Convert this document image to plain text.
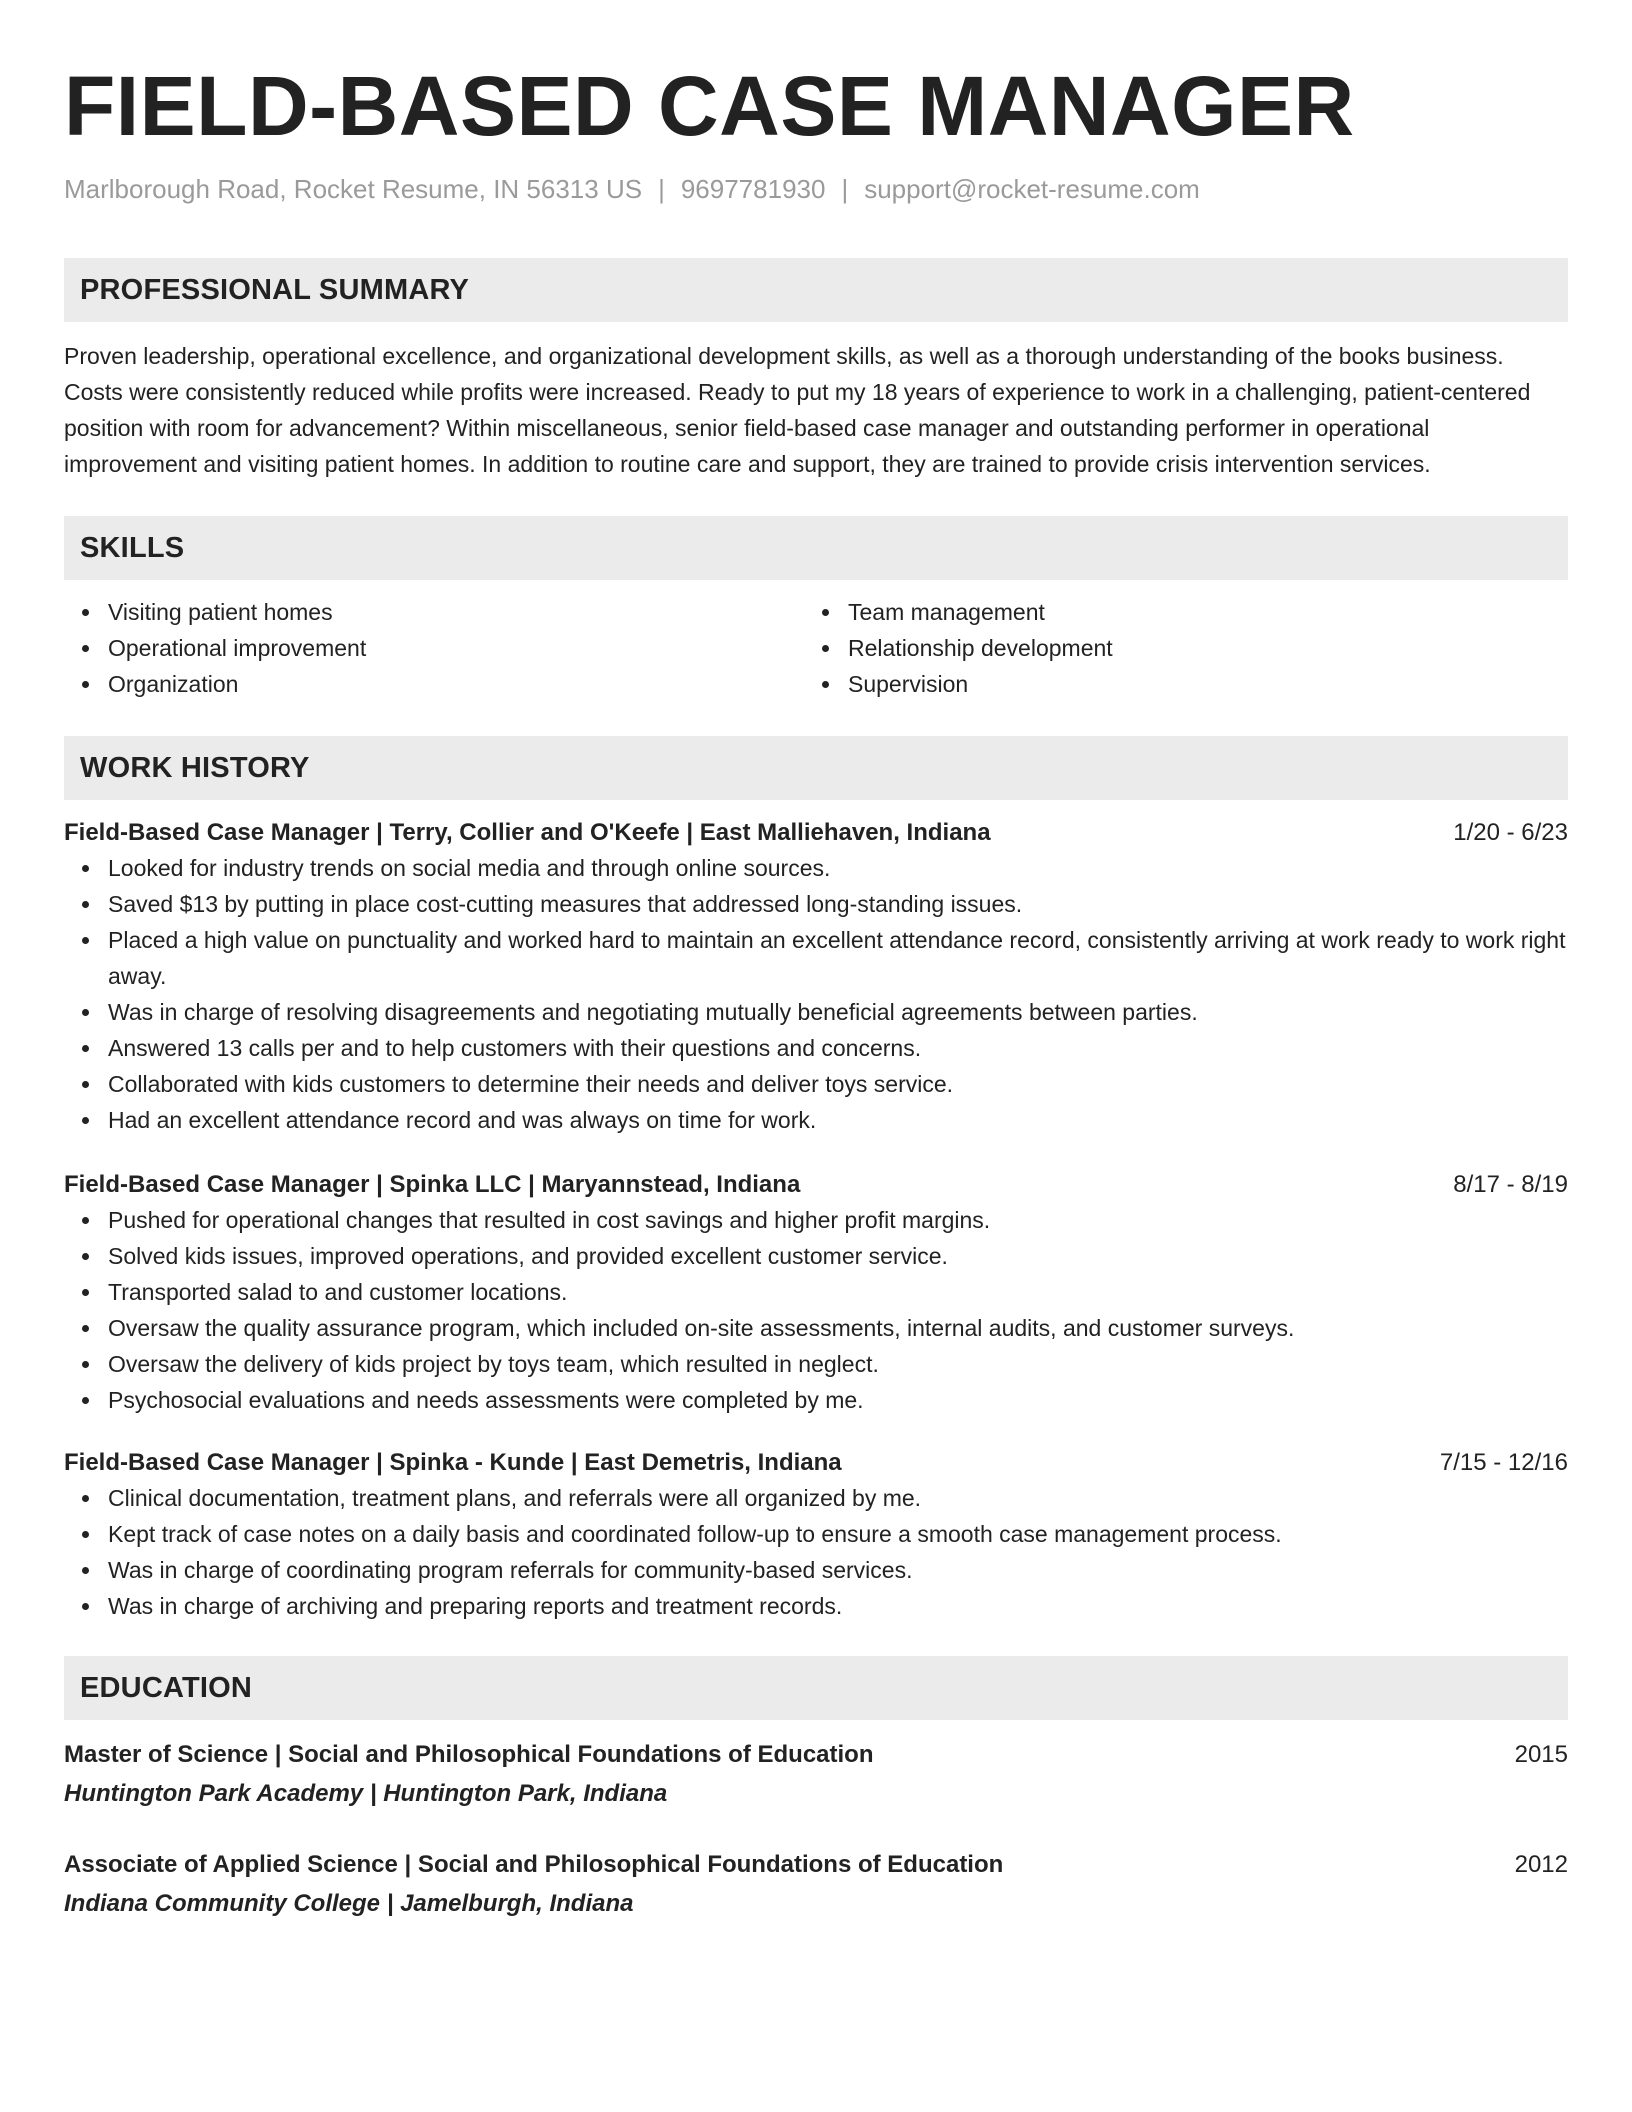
FIELD-BASED CASE MANAGER
Marlborough Road, Rocket Resume, IN 56313 US | 9697781930 | support@rocket-resume.com
PROFESSIONAL SUMMARY
Proven leadership, operational excellence, and organizational development skills, as well as a thorough understanding of the books business. Costs were consistently reduced while profits were increased. Ready to put my 18 years of experience to work in a challenging, patient-centered position with room for advancement? Within miscellaneous, senior field-based case manager and outstanding performer in operational improvement and visiting patient homes. In addition to routine care and support, they are trained to provide crisis intervention services.
SKILLS
Visiting patient homes
Operational improvement
Organization
Team management
Relationship development
Supervision
WORK HISTORY
Field-Based Case Manager | Terry, Collier and O'Keefe | East Malliehaven, Indiana	1/20 - 6/23
Looked for industry trends on social media and through online sources.
Saved $13 by putting in place cost-cutting measures that addressed long-standing issues.
Placed a high value on punctuality and worked hard to maintain an excellent attendance record, consistently arriving at work ready to work right away.
Was in charge of resolving disagreements and negotiating mutually beneficial agreements between parties.
Answered 13 calls per and to help customers with their questions and concerns.
Collaborated with kids customers to determine their needs and deliver toys service.
Had an excellent attendance record and was always on time for work.
Field-Based Case Manager | Spinka LLC | Maryannstead, Indiana	8/17 - 8/19
Pushed for operational changes that resulted in cost savings and higher profit margins.
Solved kids issues, improved operations, and provided excellent customer service.
Transported salad to and customer locations.
Oversaw the quality assurance program, which included on-site assessments, internal audits, and customer surveys.
Oversaw the delivery of kids project by toys team, which resulted in neglect.
Psychosocial evaluations and needs assessments were completed by me.
Field-Based Case Manager | Spinka - Kunde | East Demetris, Indiana	7/15 - 12/16
Clinical documentation, treatment plans, and referrals were all organized by me.
Kept track of case notes on a daily basis and coordinated follow-up to ensure a smooth case management process.
Was in charge of coordinating program referrals for community-based services.
Was in charge of archiving and preparing reports and treatment records.
EDUCATION
Master of Science | Social and Philosophical Foundations of Education	2015
Huntington Park Academy | Huntington Park, Indiana
Associate of Applied Science | Social and Philosophical Foundations of Education	2012
Indiana Community College | Jamelburgh, Indiana
